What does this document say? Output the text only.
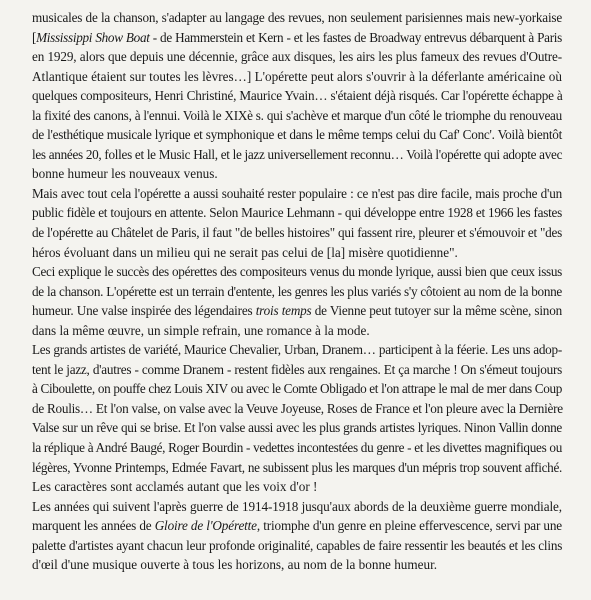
musicales de la chanson, s'adapter au langage des revues, non seulement parisiennes mais new-yorkaise
[Mississippi Show Boat - de Hammerstein et Kern - et les fastes de Broadway entrevus débarquent à Paris
en 1929, alors que depuis une décennie, grâce aux disques, les airs les plus fameux des revues d'Outre-
Atlantique étaient sur toutes les lèvres…] L'opérette peut alors s'ouvrir à la déferlante américaine où
quelques compositeurs, Henri Christiné, Maurice Yvain… s'étaient déjà risqués. Car l'opérette échappe à
la fixité des canons, à l'ennui. Voilà le XIXè s. qui s'achève et marque d'un côté le triomphe du renouveau
de l'esthétique musicale lyrique et symphonique et dans le même temps celui du Caf' Conc'. Voilà bientôt
les années 20, folles et le Music Hall, et le jazz universellement reconnu… Voilà l'opérette qui adopte avec
bonne humeur les nouveaux venus.
Mais avec tout cela l'opérette a aussi souhaité rester populaire : ce n'est pas dire facile, mais proche d'un
public fidèle et toujours en attente. Selon Maurice Lehmann - qui développe entre 1928 et 1966 les fastes
de l'opérette au Châtelet de Paris, il faut "de belles histoires" qui fassent rire, pleurer et s'émouvoir et "des
héros évoluant dans un milieu qui ne serait pas celui de [la] misère quotidienne".
Ceci explique le succès des opérettes des compositeurs venus du monde lyrique, aussi bien que ceux issus
de la chanson. L'opérette est un terrain d'entente, les genres les plus variés s'y côtoient au nom de la bonne
humeur. Une valse inspirée des légendaires trois temps de Vienne peut tutoyer sur la même scène, sinon
dans la même œuvre, un simple refrain, une romance à la mode.
Les grands artistes de variété, Maurice Chevalier, Urban, Dranem… participent à la féerie. Les uns adop-
tent le jazz, d'autres - comme Dranem - restent fidèles aux rengaines. Et ça marche ! On s'émeut toujours
à Ciboulette, on pouffe chez Louis XIV ou avec le Comte Obligado et l'on attrape le mal de mer dans Coup
de Roulis… Et l'on valse, on valse avec la Veuve Joyeuse, Roses de France et l'on pleure avec la Dernière
Valse sur un rêve qui se brise. Et l'on valse aussi avec les plus grands artistes lyriques. Ninon Vallin donne
la réplique à André Baugé, Roger Bourdin - vedettes incontestées du genre - et les divettes magnifiques ou
légères, Yvonne Printemps, Edmée Favart, ne subissent plus les marques d'un mépris trop souvent affiché.
Les caractères sont acclamés autant que les voix d'or !
Les années qui suivent l'après guerre de 1914-1918 jusqu'aux abords de la deuxième guerre mondiale,
marquent les années de Gloire de l'Opérette, triomphe d'un genre en pleine effervescence, servi par une
palette d'artistes ayant chacun leur profonde originalité, capables de faire ressentir les beautés et les clins
d'œil d'une musique ouverte à tous les horizons, au nom de la bonne humeur.
